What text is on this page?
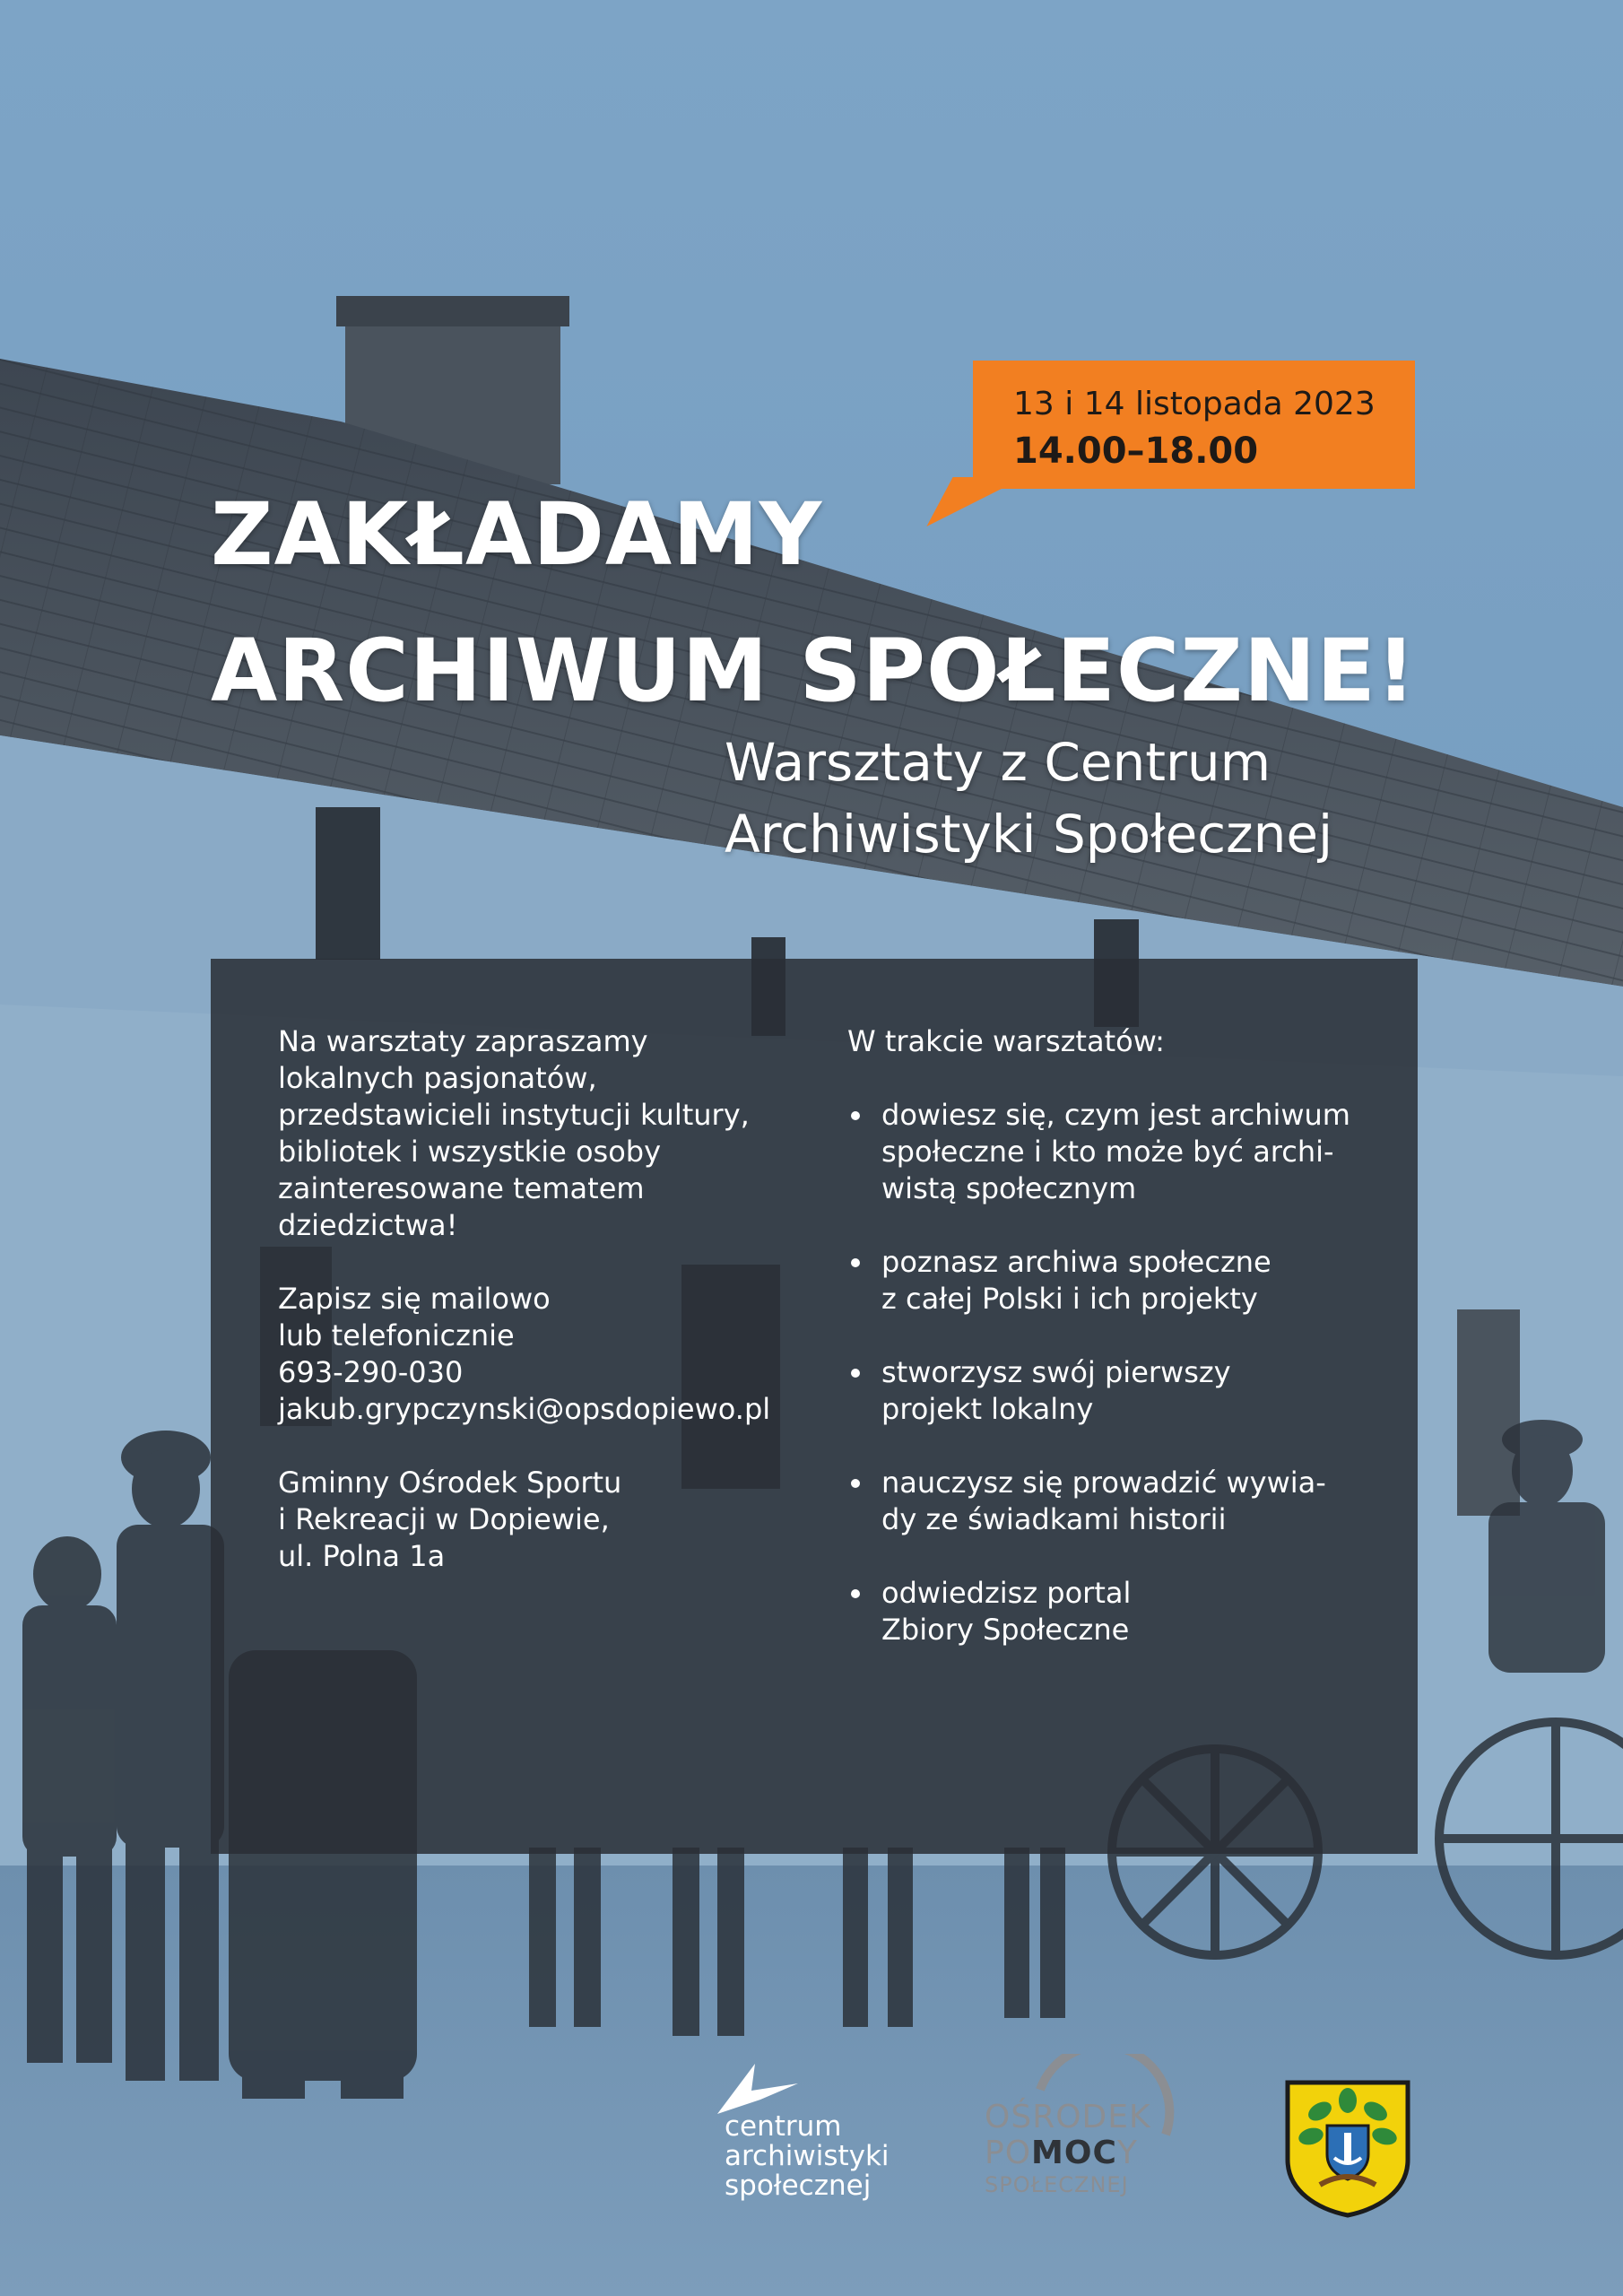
13 i 14 listopada 2023
14.00–18.00
ZAKŁADAMY
ARCHIWUM SPOŁECZNE!
Warsztaty z Centrum
Archiwistyki Społecznej

Na warsztaty zapraszamy
lokalnych pasjonatów,
przedstawicieli instytucji kultury,
bibliotek i wszystkie osoby
zainteresowane tematem
dziedzictwa!

Zapisz się mailowo
lub telefonicznie
693-290-030
jakub.grypczynski@opsdopiewo.pl

Gminny Ośrodek Sportu
i Rekreacji w Dopiewie,
ul. Polna 1a

W trakcie warsztatów:
dowiesz się, czym jest archiwum
społeczne i kto może być archi-
wistą społecznym
poznasz archiwa społeczne
z całej Polski i ich projekty
stworzysz swój pierwszy
projekt lokalny
nauczysz się prowadzić wywia-
dy ze świadkami historii
odwiedzisz portal
Zbiory Społeczne
centrum
archiwistyki
społecznej
OŚRODEK
POMOCY
SPOŁECZNEJ
